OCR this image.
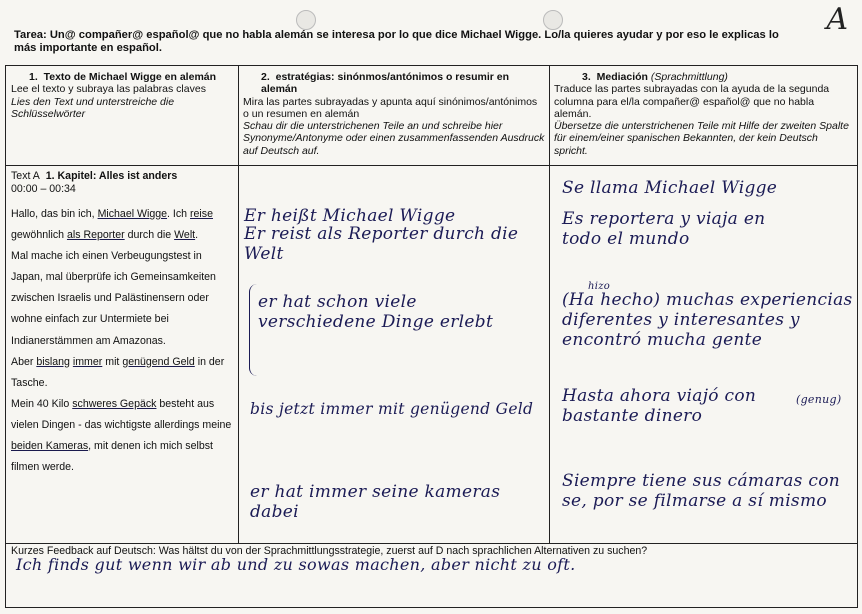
A
Tarea: Un@ compañer@ español@ que no habla alemán se interesa por lo que dice Michael Wigge. Lo/la quieres ayudar y por eso le explicas lo más importante en español.
1. Texto de Michael Wigge en alemán
Lee el texto y subraya las palabras claves
Lies den Text und unterstreiche die Schlüsselwörter
2. estratégias: sinónmos/antónimos o resumir en alemán
Mira las partes subrayadas y apunta aquí sinónimos/antónimos o un resumen en alemán
Schau dir die unterstrichenen Teile an und schreibe hier Synonyme/Antonyme oder einen zusammenfassenden Ausdruck auf Deutsch auf.
3. Mediación (Sprachmittlung)
Traduce las partes subrayadas con la ayuda de la segunda columna para el/la compañer@ español@ que no habla alemán.
Übersetze die unterstrichenen Teile mit Hilfe der zweiten Spalte für einem/einer spanischen Bekannten, der kein Deutsch spricht.
Text A 1. Kapitel: Alles ist anders
00:00 – 00:34
Hallo, das bin ich, Michael Wigge. Ich reise gewöhnlich als Reporter durch die Welt.
Mal mache ich einen Verbeugungstest in Japan, mal überprüfe ich Gemeinsamkeiten zwischen Israelis und Palästinensern oder wohne einfach zur Untermiete bei Indianerstämmen am Amazonas.
Aber bislang immer mit genügend Geld in der Tasche.
Mein 40 Kilo schweres Gepäck besteht aus vielen Dingen - das wichtigste allerdings meine beiden Kameras, mit denen ich mich selbst filmen werde.
Er heißt Michael Wigge
Er reist als Reporter durch die Welt
er hat schon viele verschiedene Dinge erlebt
bis jetzt immer mit genügend Geld
er hat immer seine kameras dabei
Se llama Michael Wigge
Es reportera y viaja en todo el mundo
hizo
(Ha hecho) muchas experiencias diferentes y interesantes y encontró mucha gente
Hasta ahora viajó con bastante dinero
(genug)
Siempre tiene sus cámaras con se, por se filmarse a sí mismo
Kurzes Feedback auf Deutsch: Was hältst du von der Sprachmittlungsstrategie, zuerst auf D nach sprachlichen Alternativen zu suchen?
Ich finds gut wenn wir ab und zu sowas machen, aber nicht zu oft.
